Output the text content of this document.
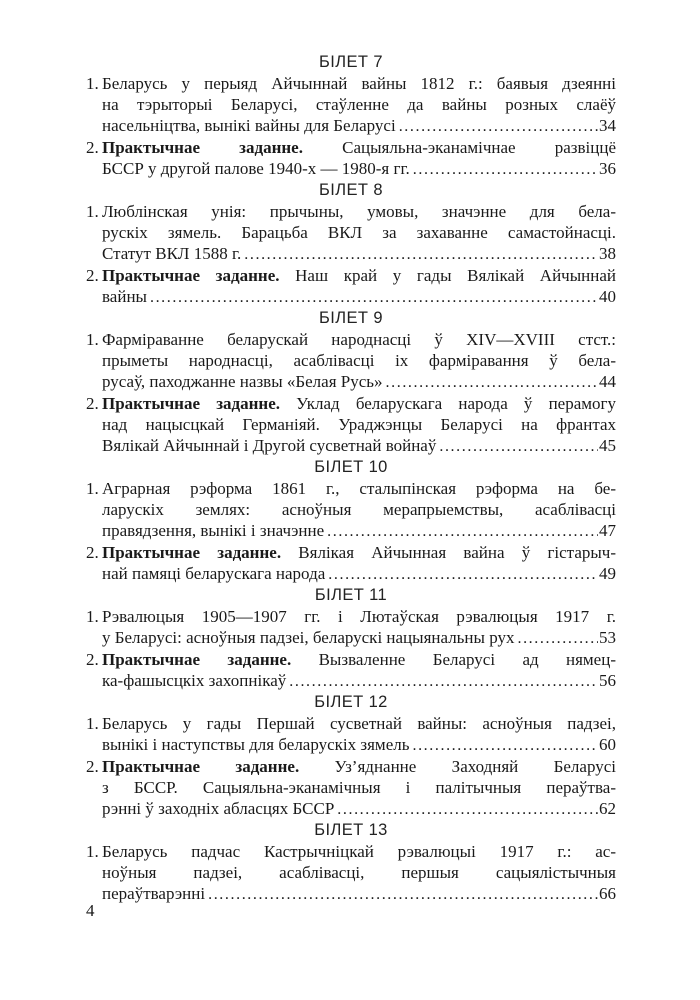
БІЛЕТ 7
1. Беларусь у перыяд Айчыннай вайны 1812 г.: баявыя дзеянні
на тэрыторыі Беларусі, стаўленне да вайны розных слаёў
насельніцтва, вынікі вайны для Беларусі .....	34
2. Практычнае заданне. Сацыяльна-эканамічнае развіццё
БССР у другой палове 1940-х — 1980-я гг. .....	36
БІЛЕТ 8
1. Люблінская унія: прычыны, умовы, значэнне для бела-
рускіх зямель. Барацьба ВКЛ за захаванне самастойнасці.
Статут ВКЛ 1588 г. .....	38
2. Практычнае заданне. Наш край у гады Вялікай Айчыннай
вайны .....	40
БІЛЕТ 9
1. Фарміраванне беларускай народнасці ў XIV—XVIII стст.:
прыметы народнасці, асаблівасці іх фарміравання ў бела-
русаў, паходжанне назвы «Белая Русь» .....	44
2. Практычнае заданне. Уклад беларускага народа ў перамогу
над нацысцкай Германіяй. Ураджэнцы Беларусі на франтах
Вялікай Айчыннай і Другой сусветнай войнаў .....	45
БІЛЕТ 10
1. Аграрная рэформа 1861 г., сталыпінская рэформа на бе-
ларускіх землях: асноўныя мерапрыемствы, асаблівасці
правядзення, вынікі і значэнне .....	47
2. Практычнае заданне. Вялікая Айчынная вайна ў гістарыч-
най памяці беларускага народа .....	49
БІЛЕТ 11
1. Рэвалюцыя 1905—1907 гг. і Лютаўская рэвалюцыя 1917 г.
у Беларусі: асноўныя падзеі, беларускі нацыянальны рух .....	53
2. Практычнае заданне. Вызваленне Беларусі ад нямец-
ка-фашысцкіх захопнікаў .....	56
БІЛЕТ 12
1. Беларусь у гады Першай сусветнай вайны: асноўныя падзеі,
вынікі і наступствы для беларускіх зямель .....	60
2. Практычнае заданне. Уз’яднанне Заходняй Беларусі
з БССР. Сацыяльна-эканамічныя і палітычныя пераўтва-
рэнні ў заходніх абласцях БССР .....	62
БІЛЕТ 13
1. Беларусь падчас Кастрычніцкай рэвалюцыі 1917 г.: ас-
ноўныя падзеі, асаблівасці, першыя сацыялістычныя
пераўтварэнні .....	66
4
